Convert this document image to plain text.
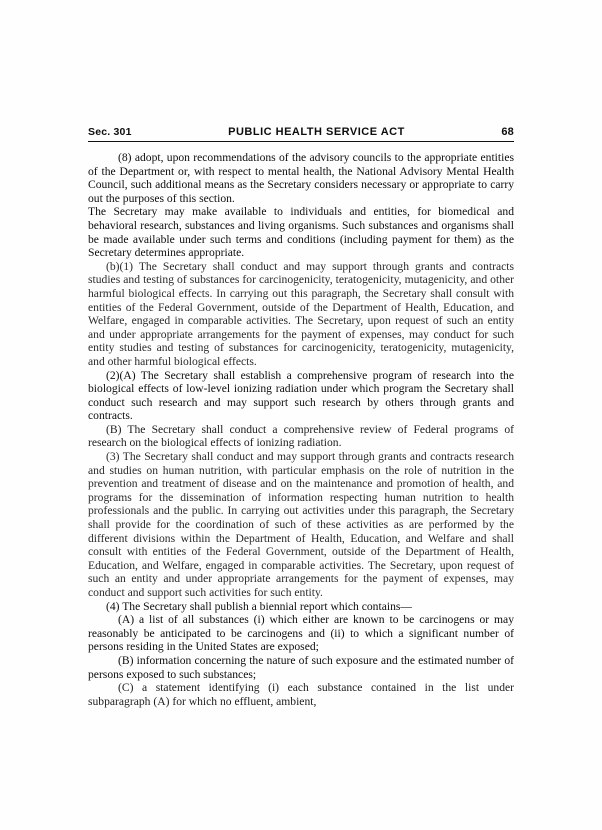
Sec. 301	PUBLIC HEALTH SERVICE ACT	68

(8) adopt, upon recommendations of the advisory councils to the appropriate entities of the Department or, with respect to mental health, the National Advisory Mental Health Council, such additional means as the Secretary considers necessary or appropriate to carry out the purposes of this section.

The Secretary may make available to individuals and entities, for biomedical and behavioral research, substances and living organisms. Such substances and organisms shall be made available under such terms and conditions (including payment for them) as the Secretary determines appropriate.

(b)(1) The Secretary shall conduct and may support through grants and contracts studies and testing of substances for carcinogenicity, teratogenicity, mutagenicity, and other harmful biological effects. In carrying out this paragraph, the Secretary shall consult with entities of the Federal Government, outside of the Department of Health, Education, and Welfare, engaged in comparable activities. The Secretary, upon request of such an entity and under appropriate arrangements for the payment of expenses, may conduct for such entity studies and testing of substances for carcinogenicity, teratogenicity, mutagenicity, and other harmful biological effects.

(2)(A) The Secretary shall establish a comprehensive program of research into the biological effects of low-level ionizing radiation under which program the Secretary shall conduct such research and may support such research by others through grants and contracts.

(B) The Secretary shall conduct a comprehensive review of Federal programs of research on the biological effects of ionizing radiation.

(3) The Secretary shall conduct and may support through grants and contracts research and studies on human nutrition, with particular emphasis on the role of nutrition in the prevention and treatment of disease and on the maintenance and promotion of health, and programs for the dissemination of information respecting human nutrition to health professionals and the public. In carrying out activities under this paragraph, the Secretary shall provide for the coordination of such of these activities as are performed by the different divisions within the Department of Health, Education, and Welfare and shall consult with entities of the Federal Government, outside of the Department of Health, Education, and Welfare, engaged in comparable activities. The Secretary, upon request of such an entity and under appropriate arrangements for the payment of expenses, may conduct and support such activities for such entity.

(4) The Secretary shall publish a biennial report which contains—

(A) a list of all substances (i) which either are known to be carcinogens or may reasonably be anticipated to be carcinogens and (ii) to which a significant number of persons residing in the United States are exposed;

(B) information concerning the nature of such exposure and the estimated number of persons exposed to such substances;

(C) a statement identifying (i) each substance contained in the list under subparagraph (A) for which no effluent, ambient,
